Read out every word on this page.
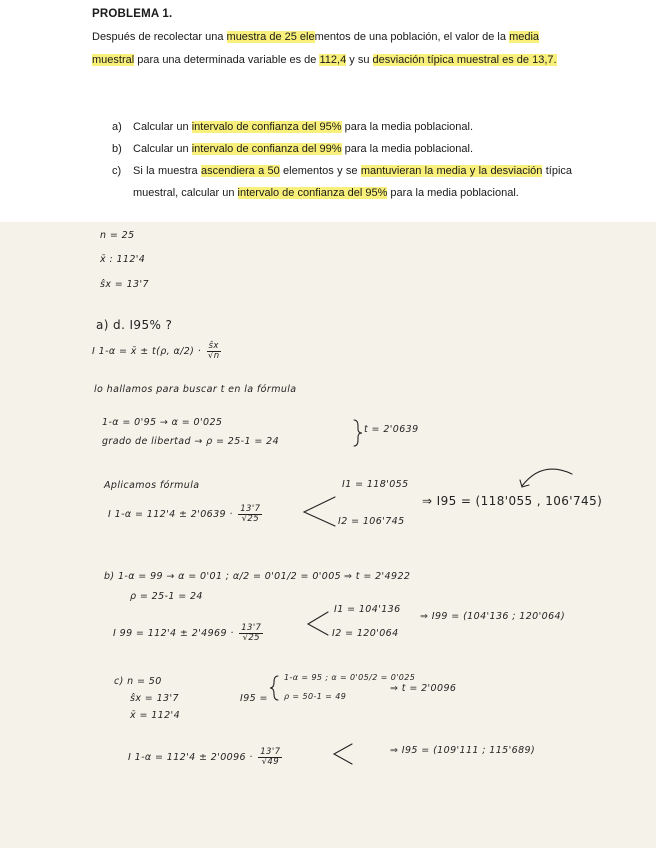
PROBLEMA 1.
Después de recolectar una muestra de 25 elementos de una población, el valor de la media muestral para una determinada variable es de 112,4 y su desviación típica muestral es de 13,7.
a)	Calcular un intervalo de confianza del 95% para la media poblacional.
b)	Calcular un intervalo de confianza del 99% para la media poblacional.
c)	Si la muestra ascendiera a 50 elementos y se mantuvieran la media y la desviación típica muestral, calcular un intervalo de confianza del 95% para la media poblacional.
n = 25
x̄ : 112'4
ŝx = 13'7
a) d. I95% ?
I 1-α = x̄ ± t(ρ, $\alpha/2) \cdot \frac{ŝx}{√n}$
lo hallamos para buscar t en la fórmula
1-α = 0'95 → α = 0'025
grado de libertad → ρ = 25-1 = 24
t = 2'0639
Aplicamos fórmula
I $1-\alpha = 112'4 \pm 2'0639 \cdot \frac{13'7}{√25}$
I1 = 118'055
I2 = 106'745
⇒ I95 = (118'055 , 106'745)
b) 1-α = 99 → α = 0'01 ; α/2 = 0'01/2 = 0'005 ⇒ t = 2'4922
ρ = 25-1 = 24
I $99 = 112'4 \pm 2'4969 \cdot \frac{13'7}{√25}$
I1 = 104'136
I2 = 120'064
⇒ I99 = (104'136 ; 120'064)
c) n = 50
ŝx = 13'7
x̄ = 112'4
I95 =
1-α = 95 ; α = 0'05/2 = 0'025
ρ = 50-1 = 49
⇒ t = 2'0096
I $1-\alpha = 112'4 \pm 2'0096 \cdot \frac{13'7}{√49}$	⇒ I95 = (109'111 ; 115'689)
